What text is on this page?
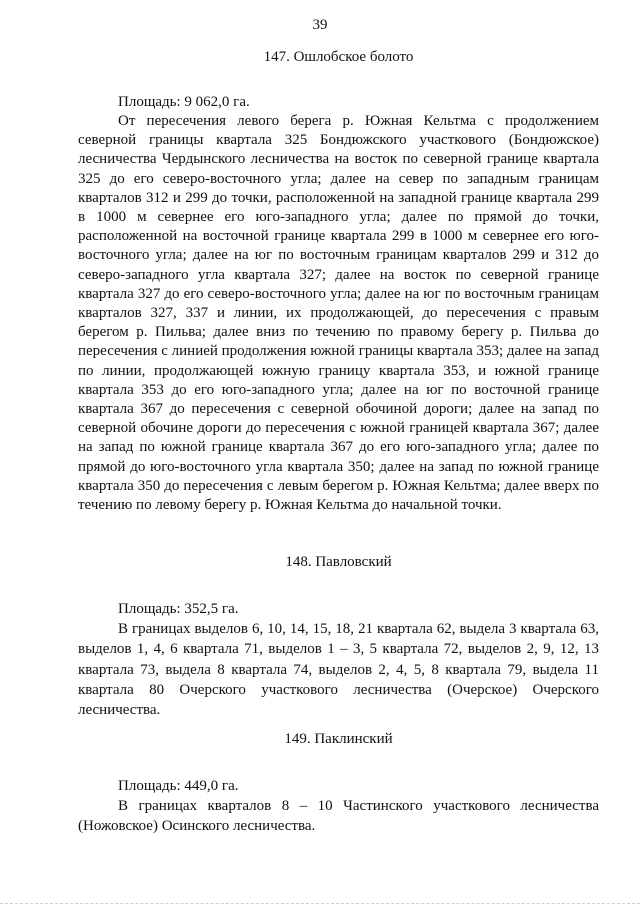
39
147. Ошлобское болото

Площадь: 9 062,0 га.

От пересечения левого берега р. Южная Кельтма с продолжением северной границы квартала 325 Бондюжского участкового (Бондюжское) лесничества Чердынского лесничества на восток по северной границе квартала 325 до его северо-восточного угла; далее на север по западным границам кварталов 312 и 299 до точки, расположенной на западной границе квартала 299 в 1000 м севернее его юго-западного угла; далее по прямой до точки, расположенной на восточной границе квартала 299 в 1000 м севернее его юго-восточного угла; далее на юг по восточным границам кварталов 299 и 312 до северо-западного угла квартала 327; далее на восток по северной границе квартала 327 до его северо-восточного угла; далее на юг по восточным границам кварталов 327, 337 и линии, их продолжающей, до пересечения с правым берегом р. Пильва; далее вниз по течению по правому берегу р. Пильва до пересечения с линией продолжения южной границы квартала 353; далее на запад по линии, продолжающей южную границу квартала 353, и южной границе квартала 353 до его юго-западного угла; далее на юг по восточной границе квартала 367 до пересечения с северной обочиной дороги; далее на запад по северной обочине дороги до пересечения с южной границей квартала 367; далее на запад по южной границе квартала 367 до его юго-западного угла; далее по прямой до юго-восточного угла квартала 350; далее на запад по южной границе квартала 350 до пересечения с левым берегом р. Южная Кельтма; далее вверх по течению по левому берегу р. Южная Кельтма до начальной точки.

148. Павловский

Площадь: 352,5 га.

В границах выделов 6, 10, 14, 15, 18, 21 квартала 62, выдела 3 квартала 63, выделов 1, 4, 6 квартала 71, выделов 1 – 3, 5 квартала 72, выделов 2, 9, 12, 13 квартала 73, выдела 8 квартала 74, выделов 2, 4, 5, 8 квартала 79, выдела 11 квартала 80 Очерского участкового лесничества (Очерское) Очерского лесничества.

149. Паклинский

Площадь: 449,0 га.

В границах кварталов 8 – 10 Частинского участкового лесничества (Ножовское) Осинского лесничества.
